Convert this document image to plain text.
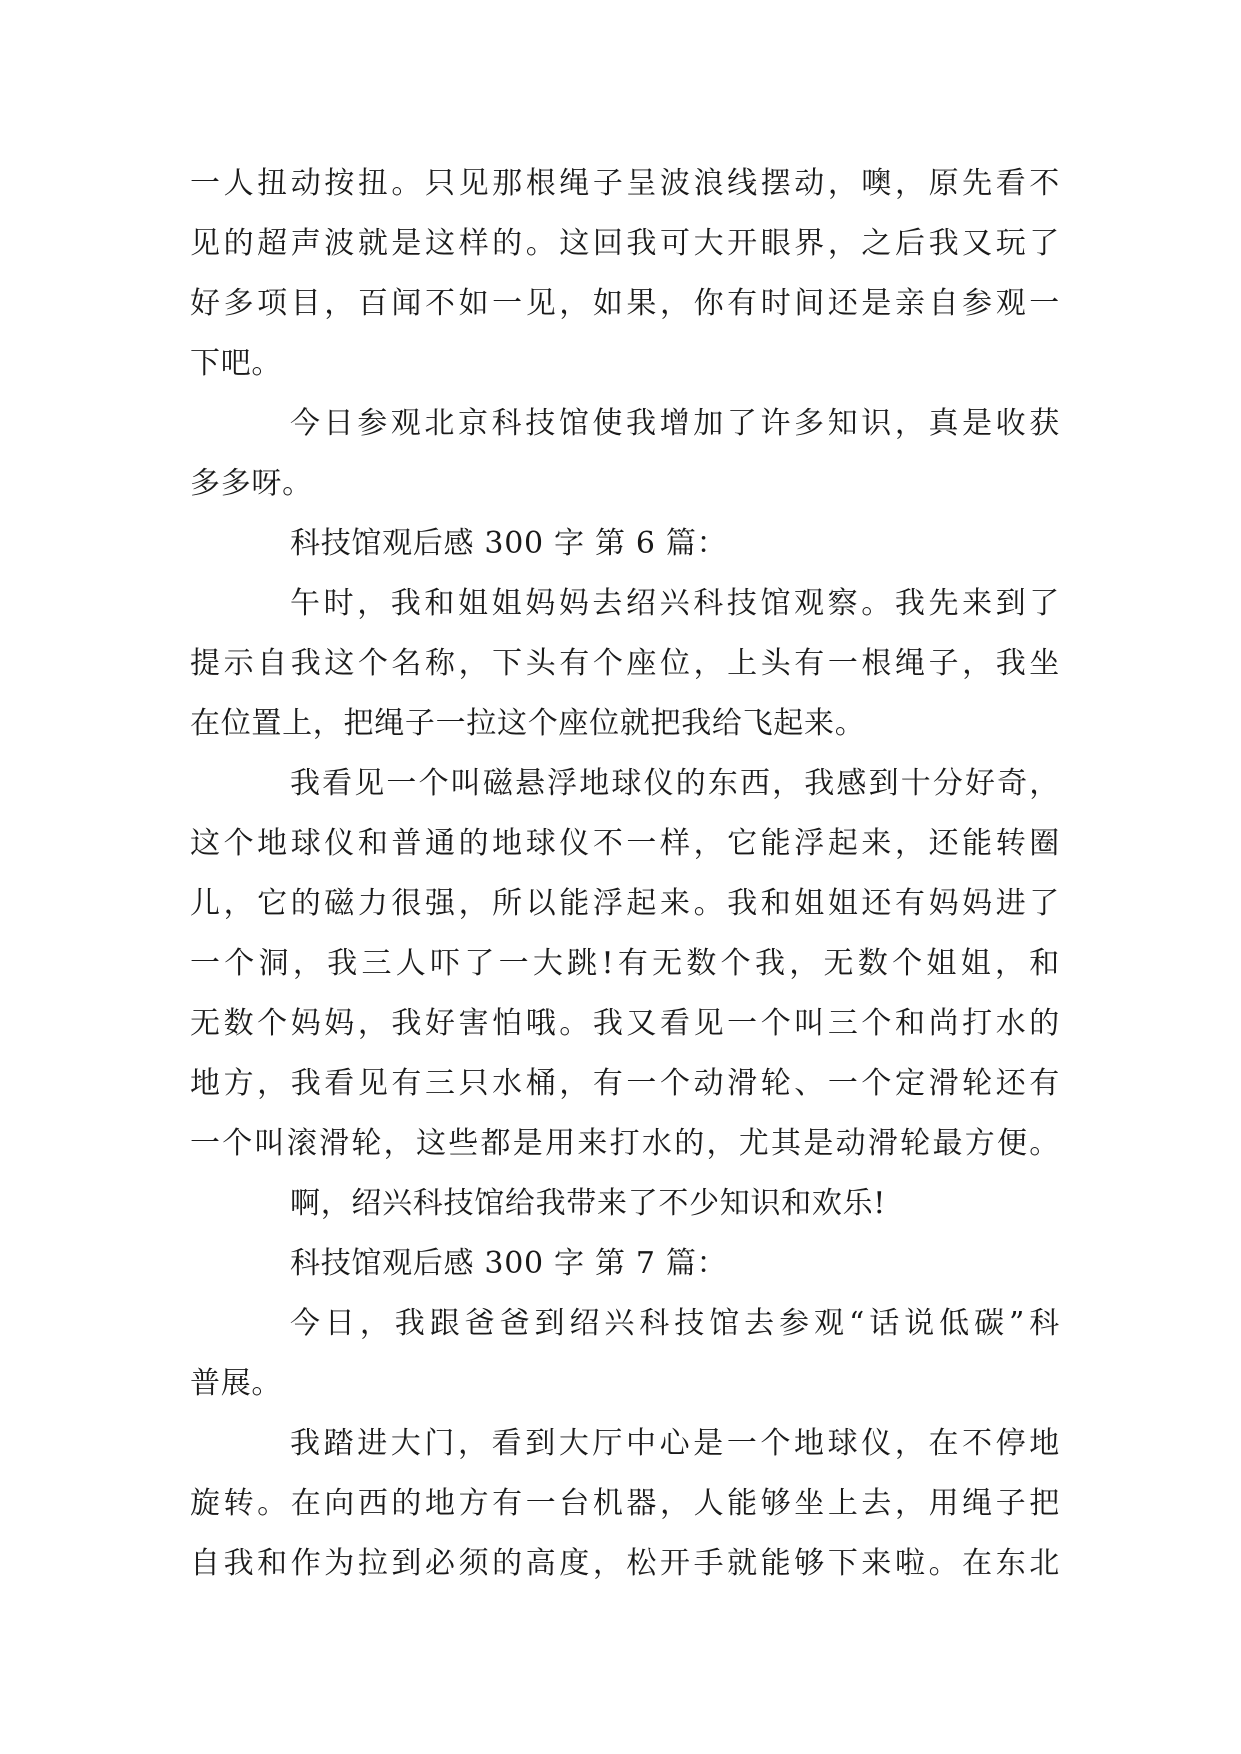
一人扭动按扭。只见那根绳子呈波浪线摆动，噢，原先看不
见的超声波就是这样的。这回我可大开眼界，之后我又玩了
好多项目，百闻不如一见，如果，你有时间还是亲自参观一
下吧。
今日参观北京科技馆使我增加了许多知识，真是收获
多多呀。
科技馆观后感 300 字 第 6 篇：
午时，我和姐姐妈妈去绍兴科技馆观察。我先来到了
提示自我这个名称，下头有个座位，上头有一根绳子，我坐
在位置上，把绳子一拉这个座位就把我给飞起来。
我看见一个叫磁悬浮地球仪的东西，我感到十分好奇，
这个地球仪和普通的地球仪不一样，它能浮起来，还能转圈
儿，它的磁力很强，所以能浮起来。我和姐姐还有妈妈进了
一个洞，我三人吓了一大跳!有无数个我，无数个姐姐，和
无数个妈妈，我好害怕哦。我又看见一个叫三个和尚打水的
地方，我看见有三只水桶，有一个动滑轮、一个定滑轮还有
一个叫滚滑轮，这些都是用来打水的，尤其是动滑轮最方便。
啊，绍兴科技馆给我带来了不少知识和欢乐!
科技馆观后感 300 字 第 7 篇：
今日，我跟爸爸到绍兴科技馆去参观“话说低碳”科
普展。
我踏进大门，看到大厅中心是一个地球仪，在不停地
旋转。在向西的地方有一台机器，人能够坐上去，用绳子把
自我和作为拉到必须的高度，松开手就能够下来啦。在东北
